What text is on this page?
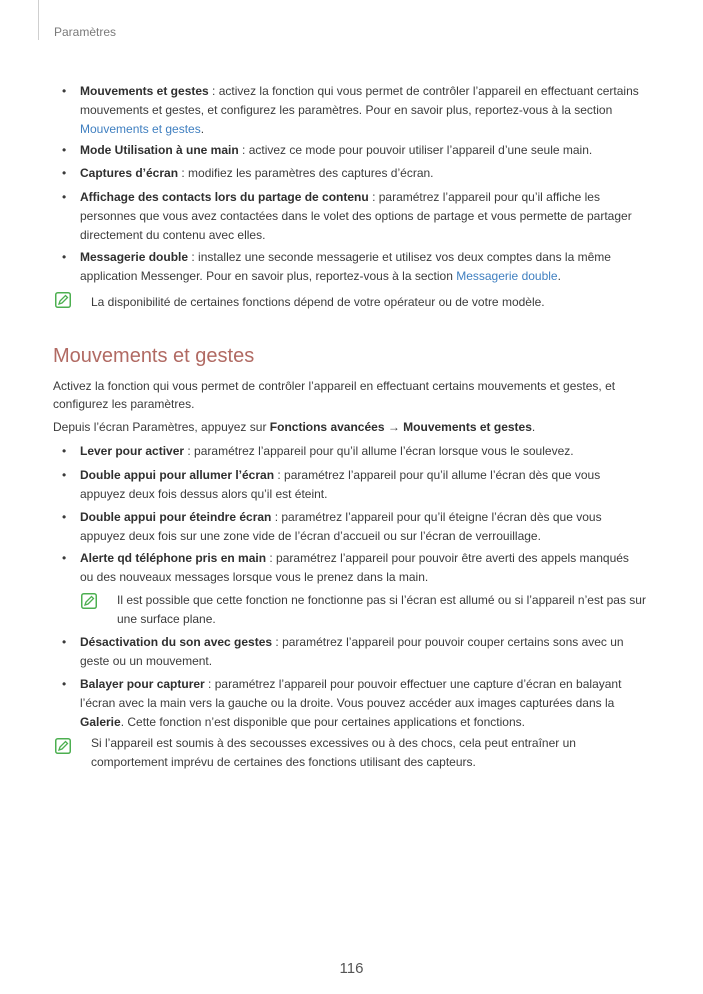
Paramètres
• Mouvements et gestes : activez la fonction qui vous permet de contrôler l’appareil en effectuant certains mouvements et gestes, et configurez les paramètres. Pour en savoir plus, reportez-vous à la section Mouvements et gestes.
• Mode Utilisation à une main : activez ce mode pour pouvoir utiliser l’appareil d’une seule main.
• Captures d’écran : modifiez les paramètres des captures d’écran.
• Affichage des contacts lors du partage de contenu : paramétrez l’appareil pour qu’il affiche les personnes que vous avez contactées dans le volet des options de partage et vous permette de partager directement du contenu avec elles.
• Messagerie double : installez une seconde messagerie et utilisez vos deux comptes dans la même application Messenger. Pour en savoir plus, reportez-vous à la section Messagerie double.
La disponibilité de certaines fonctions dépend de votre opérateur ou de votre modèle.
Mouvements et gestes
Activez la fonction qui vous permet de contrôler l’appareil en effectuant certains mouvements et gestes, et configurez les paramètres.
Depuis l’écran Paramètres, appuyez sur Fonctions avancées → Mouvements et gestes.
• Lever pour activer : paramétrez l’appareil pour qu’il allume l’écran lorsque vous le soulevez.
• Double appui pour allumer l’écran : paramétrez l’appareil pour qu’il allume l’écran dès que vous appuyez deux fois dessus alors qu’il est éteint.
• Double appui pour éteindre écran : paramétrez l’appareil pour qu’il éteigne l’écran dès que vous appuyez deux fois sur une zone vide de l’écran d’accueil ou sur l’écran de verrouillage.
• Alerte qd téléphone pris en main : paramétrez l’appareil pour pouvoir être averti des appels manqués ou des nouveaux messages lorsque vous le prenez dans la main.
Il est possible que cette fonction ne fonctionne pas si l’écran est allumé ou si l’appareil n’est pas sur une surface plane.
• Désactivation du son avec gestes : paramétrez l’appareil pour pouvoir couper certains sons avec un geste ou un mouvement.
• Balayer pour capturer : paramétrez l’appareil pour pouvoir effectuer une capture d’écran en balayant l’écran avec la main vers la gauche ou la droite. Vous pouvez accéder aux images capturées dans la Galerie. Cette fonction n’est disponible que pour certaines applications et fonctions.
Si l’appareil est soumis à des secousses excessives ou à des chocs, cela peut entraîner un comportement imprévu de certaines des fonctions utilisant des capteurs.
116
